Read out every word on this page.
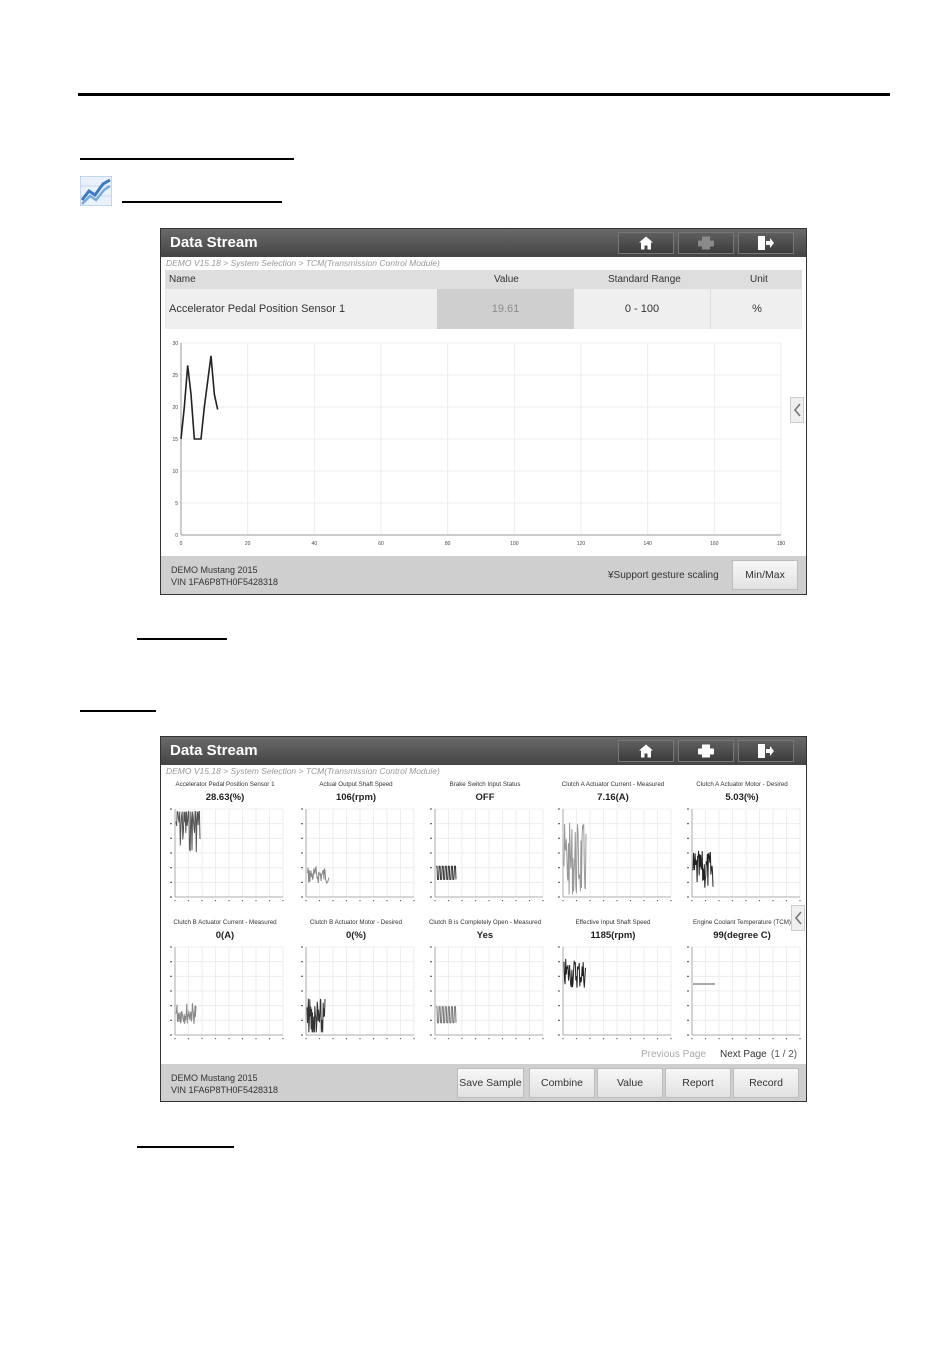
Data Stream
DEMO V15.18 > System Selection > TCM(Transmission Control Module)
Name	Value	Standard Range	Unit
Accelerator Pedal Position Sensor 1	19.61	0 - 100	%
0	20	40	60	80	100	120	140	160	180
0
5
10
15
20
25
30
DEMO Mustang 2015
VIN 1FA6P8TH0F5428318
¥Support gesture scaling	Min/Max
Data Stream
DEMO V15.18 > System Selection > TCM(Transmission Control Module)
Accelerator Pedal Position Sensor 1
28.63(%)
Actual Output Shaft Speed
106(rpm)
Brake Switch Input Status
OFF
Clutch A Actuator Current - Measured
7.16(A)
Clutch A Actuator Motor - Desired
5.03(%)
Clutch B Actuator Current - Measured
0(A)
Clutch B Actuator Motor - Desired
0(%)
Clutch B is Completely Open - Measured
Yes
Effective Input Shaft Speed
1185(rpm)
Engine Coolant Temperature (TCM)
99(degree C)
Previous Page Next Page (1 / 2)
DEMO Mustang 2015
VIN 1FA6P8TH0F5428318
Save Sample	Combine	Value	Report	Record
